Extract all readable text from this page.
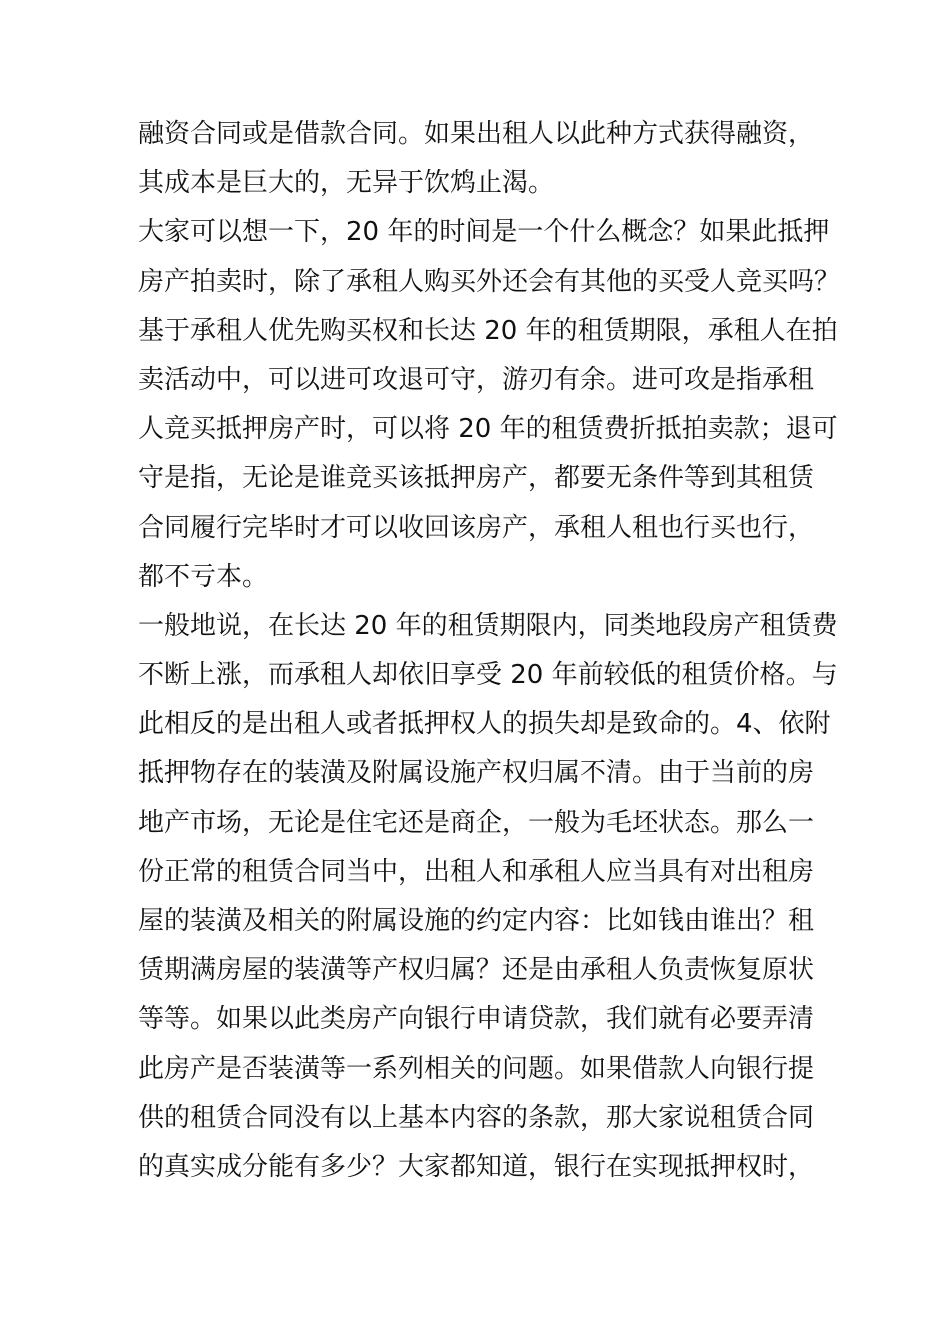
融资合同或是借款合同。如果出租人以此种方式获得融资，
其成本是巨大的，无异于饮鸩止渴。
大家可以想一下，20 年的时间是一个什么概念？如果此抵押
房产拍卖时，除了承租人购买外还会有其他的买受人竞买吗？
基于承租人优先购买权和长达 20 年的租赁期限，承租人在拍
卖活动中，可以进可攻退可守，游刃有余。进可攻是指承租
人竞买抵押房产时，可以将 20 年的租赁费折抵拍卖款；退可
守是指，无论是谁竞买该抵押房产，都要无条件等到其租赁
合同履行完毕时才可以收回该房产，承租人租也行买也行，
都不亏本。
一般地说，在长达 20 年的租赁期限内，同类地段房产租赁费
不断上涨，而承租人却依旧享受 20 年前较低的租赁价格。与
此相反的是出租人或者抵押权人的损失却是致命的。4、依附
抵押物存在的装潢及附属设施产权归属不清。由于当前的房
地产市场，无论是住宅还是商企，一般为毛坯状态。那么一
份正常的租赁合同当中，出租人和承租人应当具有对出租房
屋的装潢及相关的附属设施的约定内容：比如钱由谁出？租
赁期满房屋的装潢等产权归属？还是由承租人负责恢复原状
等等。如果以此类房产向银行申请贷款，我们就有必要弄清
此房产是否装潢等一系列相关的问题。如果借款人向银行提
供的租赁合同没有以上基本内容的条款，那大家说租赁合同
的真实成分能有多少？大家都知道，银行在实现抵押权时，
